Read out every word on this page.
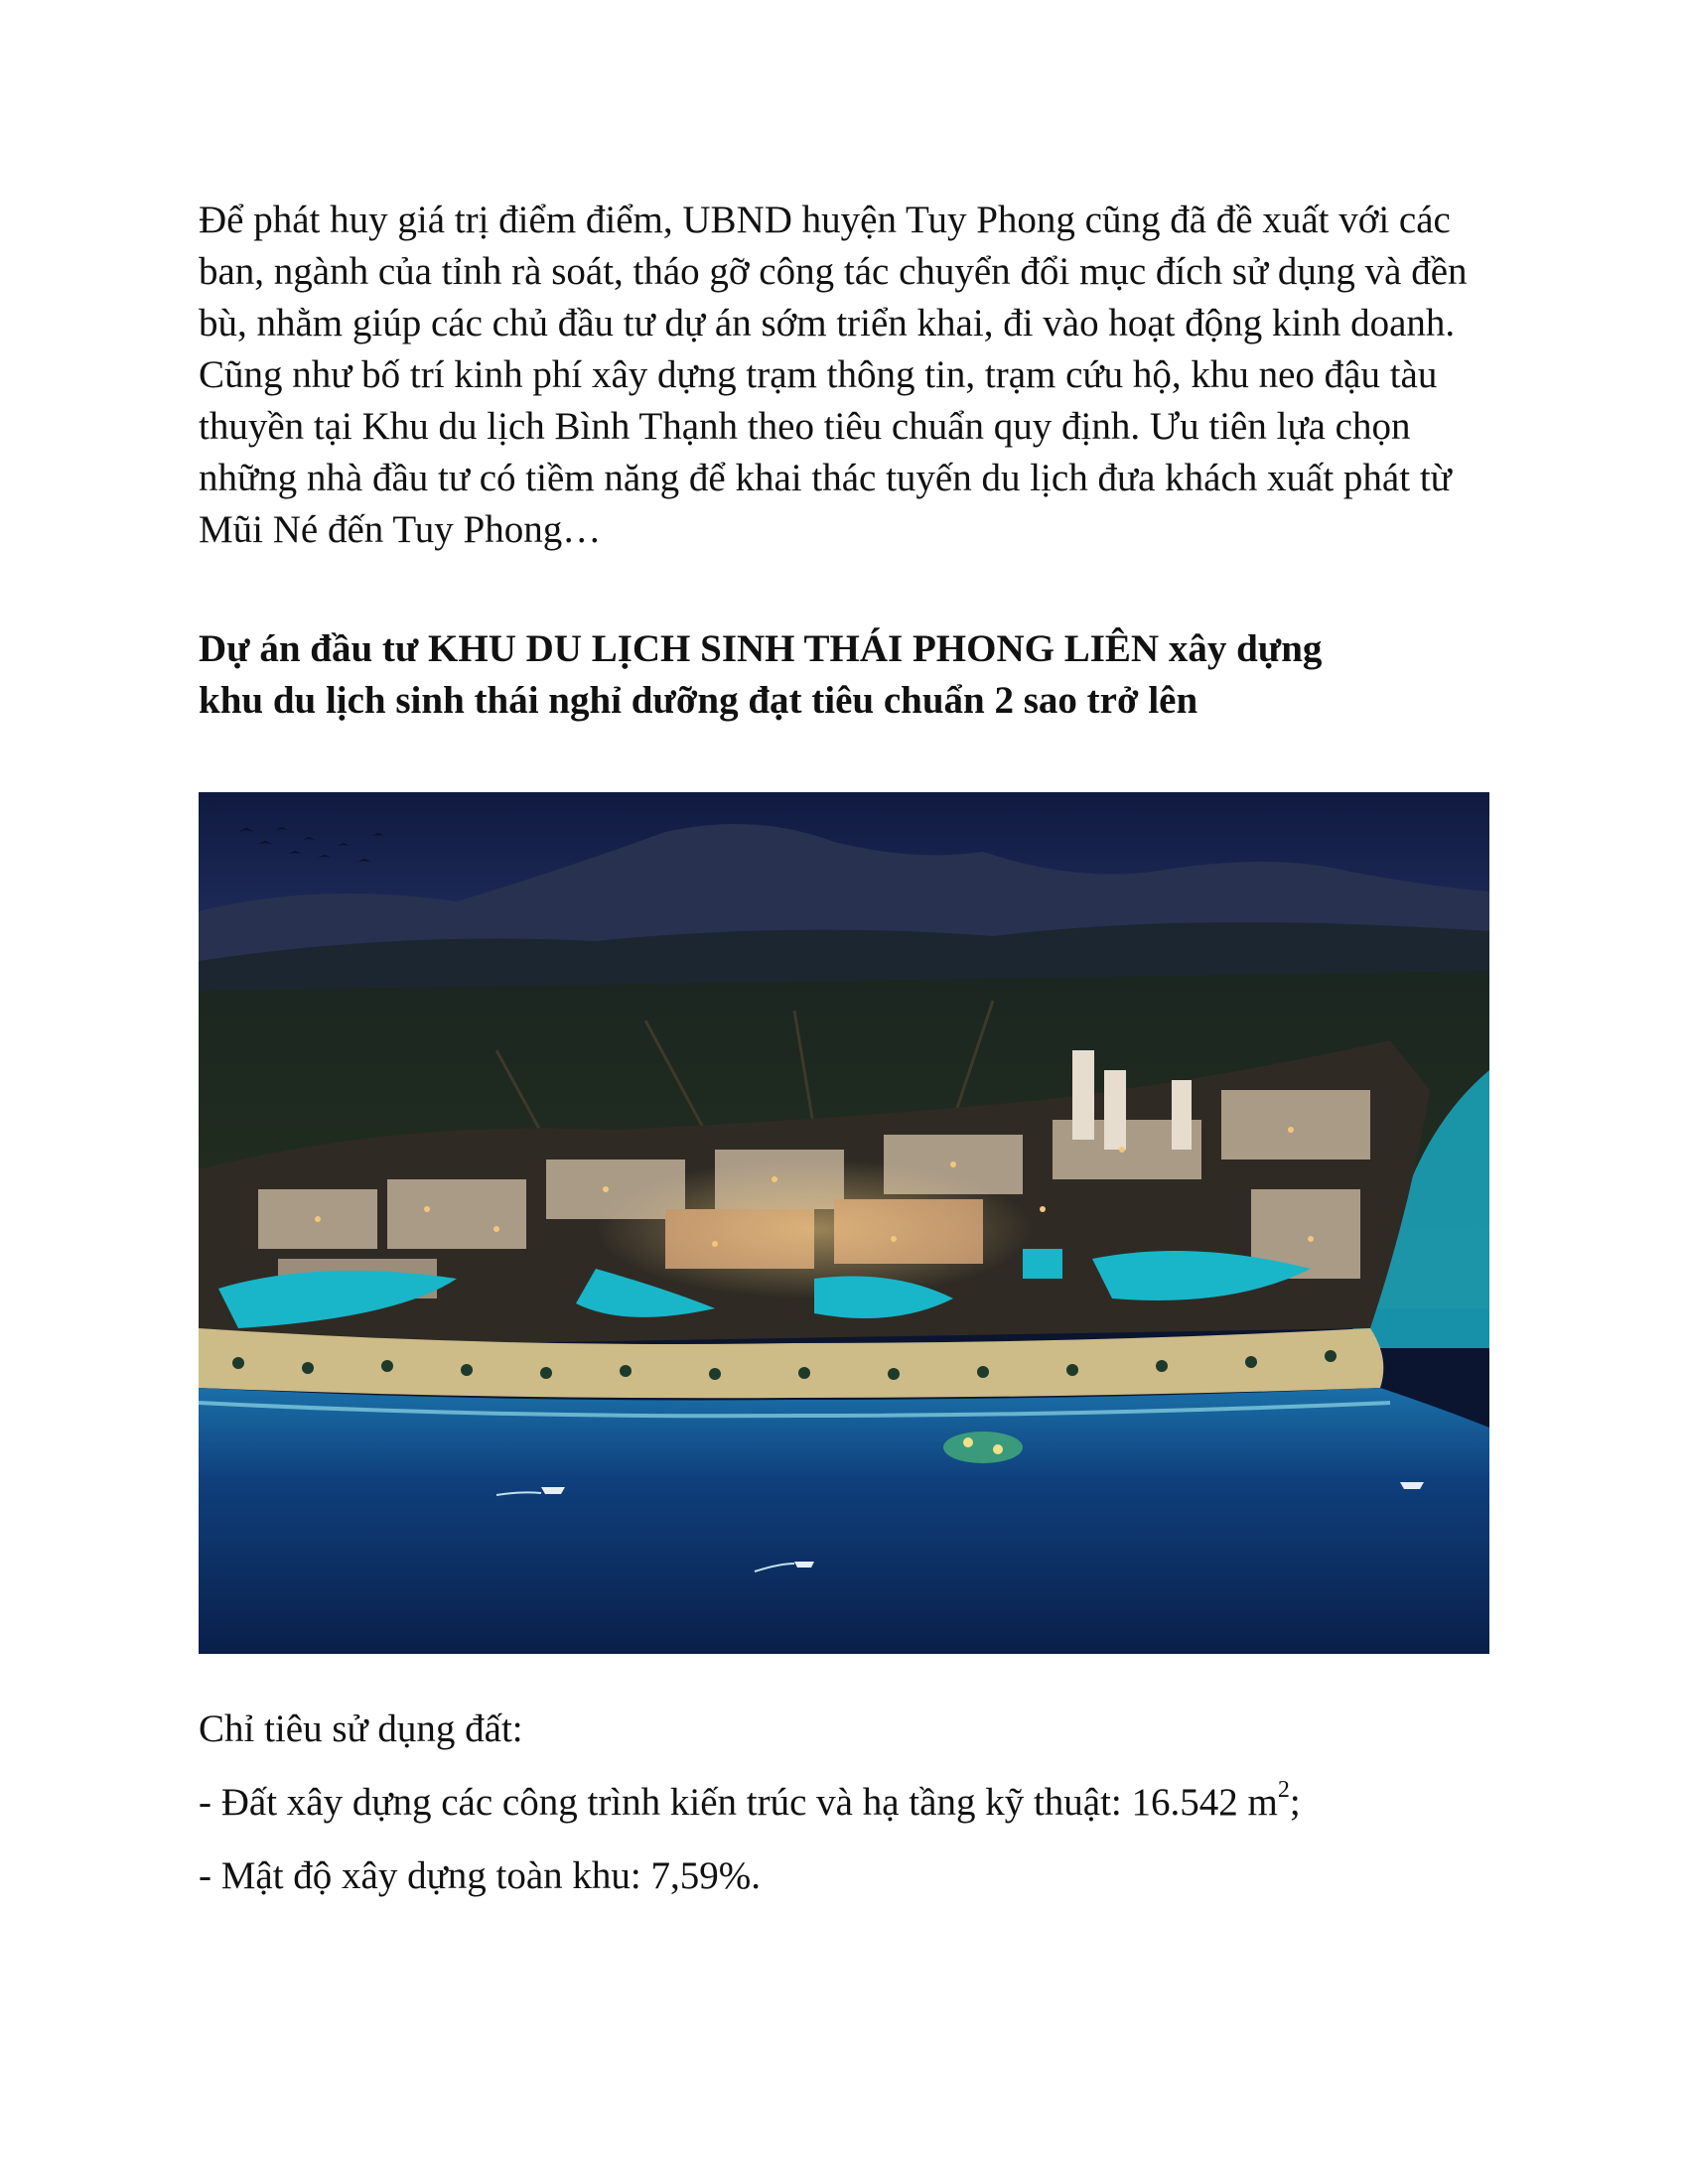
Để phát huy giá trị điểm điểm, UBND huyện Tuy Phong cũng đã đề xuất với các ban, ngành của tỉnh rà soát, tháo gỡ công tác chuyển đổi mục đích sử dụng và đền bù, nhằm giúp các chủ đầu tư dự án sớm triển khai, đi vào hoạt động kinh doanh. Cũng như bố trí kinh phí xây dựng trạm thông tin, trạm cứu hộ, khu neo đậu tàu thuyền tại Khu du lịch Bình Thạnh theo tiêu chuẩn quy định. Ưu tiên lựa chọn những nhà đầu tư có tiềm năng để khai thác tuyến du lịch đưa khách xuất phát từ Mũi Né đến Tuy Phong…

Dự án đầu tư KHU DU LỊCH SINH THÁI PHONG LIÊN xây dựng
khu du lịch sinh thái nghỉ dưỡng đạt tiêu chuẩn 2 sao trở lên

Chỉ tiêu sử dụng đất:

- Đất xây dựng các công trình kiến trúc và hạ tầng kỹ thuật: 16.542 $m^2$;

- Mật độ xây dựng toàn khu: 7,59%.
